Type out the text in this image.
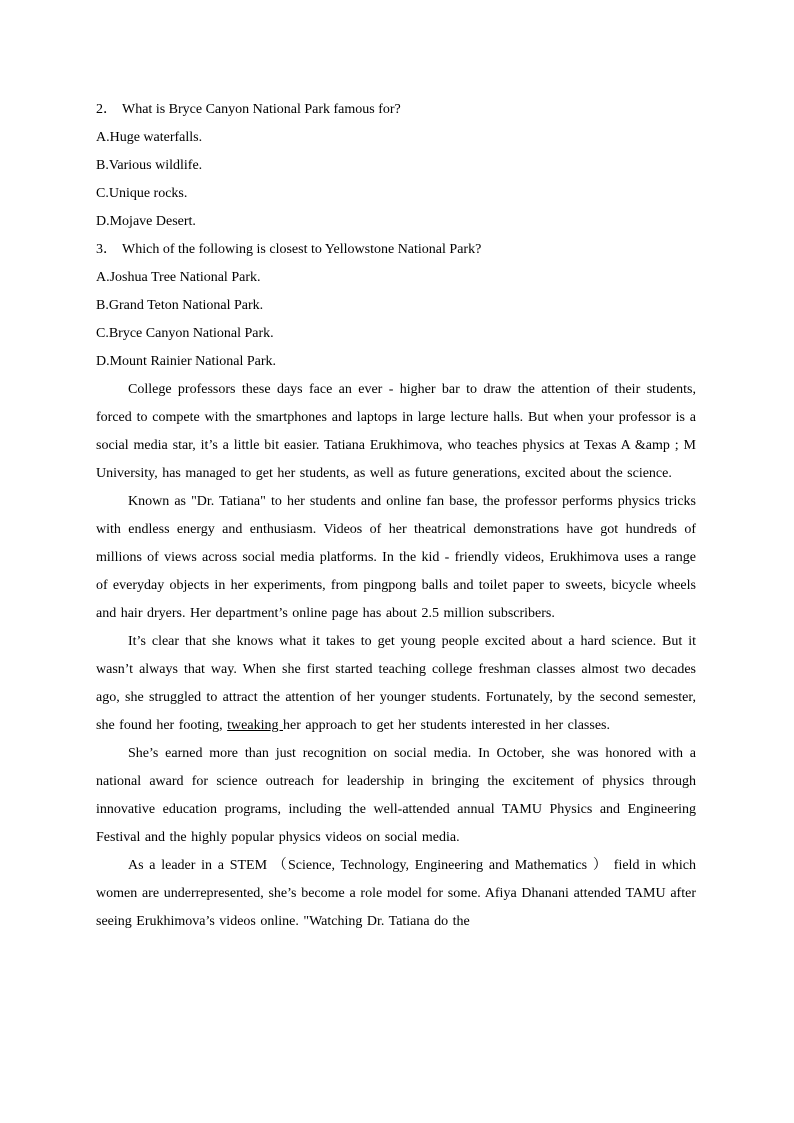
2． What is Bryce Canyon National Park famous for?
A.Huge waterfalls.
B.Various wildlife.
C.Unique rocks.
D.Mojave Desert.
3． Which of the following is closest to Yellowstone National Park?
A.Joshua Tree National Park.
B.Grand Teton National Park.
C.Bryce Canyon National Park.
D.Mount Rainier National Park.

College professors these days face an ever - higher bar to draw the attention of their students, forced to compete with the smartphones and laptops in large lecture halls. But when your professor is a social media star, it’s a little bit easier. Tatiana Erukhimova, who teaches physics at Texas A &amp ; M University, has managed to get her students, as well as future generations, excited about the science.

Known as "Dr. Tatiana" to her students and online fan base, the professor performs physics tricks with endless energy and enthusiasm. Videos of her theatrical demonstrations have got hundreds of millions of views across social media platforms. In the kid - friendly videos, Erukhimova uses a range of everyday objects in her experiments, from pingpong balls and toilet paper to sweets, bicycle wheels and hair dryers. Her department’s online page has about 2.5 million subscribers.

It’s clear that she knows what it takes to get young people excited about a hard science. But it wasn’t always that way. When she first started teaching college freshman classes almost two decades ago, she struggled to attract the attention of her younger students. Fortunately, by the second semester, she found her footing, tweaking her approach to get her students interested in her classes.

She’s earned more than just recognition on social media. In October, she was honored with a national award for science outreach for leadership in bringing the excitement of physics through innovative education programs, including the well-attended annual TAMU Physics and Engineering Festival and the highly popular physics videos on social media.

As a leader in a STEM （Science, Technology, Engineering and Mathematics ） field in which women are underrepresented, she’s become a role model for some. Afiya Dhanani attended TAMU after seeing Erukhimova’s videos online. "Watching Dr. Tatiana do the
